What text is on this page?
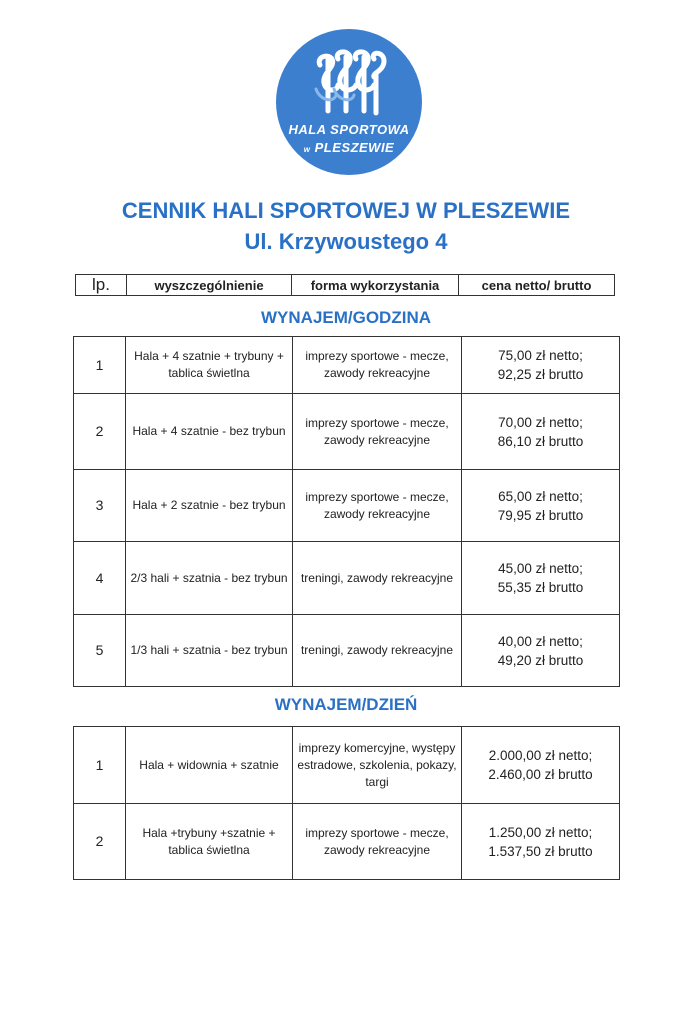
HALA SPORTOWA
w PLESZEWIE
CENNIK HALI SPORTOWEJ W PLESZEWIE
Ul. Krzywoustego 4
lp.	wyszczególnienie	forma wykorzystania	cena netto/ brutto
WYNAJEM/GODZINA
1	Hala + 4 szatnie + trybuny + tablica świetlna	imprezy sportowe - mecze, zawody rekreacyjne	75,00 zł netto;
92,25 zł brutto

2	Hala + 4 szatnie - bez trybun	imprezy sportowe - mecze, zawody rekreacyjne	70,00 zł netto;
86,10 zł brutto

3	Hala + 2 szatnie - bez trybun	imprezy sportowe - mecze, zawody rekreacyjne	65,00 zł netto;
79,95 zł brutto

4	2/3 hali + szatnia - bez trybun	treningi, zawody rekreacyjne	45,00 zł netto;
55,35 zł brutto

5	1/3 hali + szatnia - bez trybun	treningi, zawody rekreacyjne	40,00 zł netto;
49,20 zł brutto
WYNAJEM/DZIEŃ
1	Hala + widownia + szatnie	imprezy komercyjne, występy estradowe, szkolenia, pokazy, targi	2.000,00 zł netto;
2.460,00 zł brutto

2	Hala +trybuny +szatnie + tablica świetlna	imprezy sportowe - mecze, zawody rekreacyjne	1.250,00 zł netto;
1.537,50 zł brutto
